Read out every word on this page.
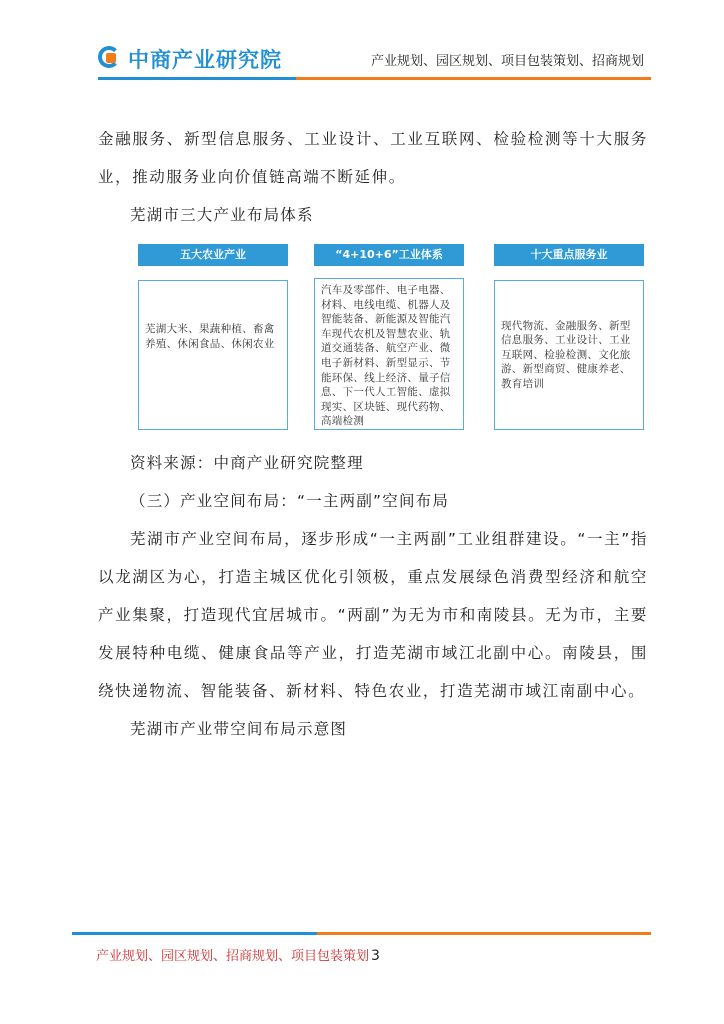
中商产业研究院	产业规划、园区规划、项目包装策划、招商规划

金融服务、新型信息服务、工业设计、工业互联网、检验检测等十大服务业，推动服务业向价值链高端不断延伸。

芜湖市三大产业布局体系
五大农业产业
芜湖大米、果蔬种植、畜禽养殖、休闲食品、休闲农业
“4+10+6”工业体系
汽车及零部件、电子电器、材料、电线电缆、机器人及智能装备、新能源及智能汽车现代农机及智慧农业、轨道交通装备、航空产业、微电子新材料、新型显示、节能环保、线上经济、量子信息、下一代人工智能、虚拟现实、区块链、现代药物、高端检测
十大重点服务业
现代物流、金融服务、新型信息服务、工业设计、工业互联网、检验检测、文化旅游、新型商贸、健康养老、教育培训
资料来源：中商产业研究院整理
（三）产业空间布局：“一主两副”空间布局

芜湖市产业空间布局，逐步形成“一主两副”工业组群建设。“一主”指以龙湖区为心，打造主城区优化引领极，重点发展绿色消费型经济和航空产业集聚，打造现代宜居城市。“两副”为无为市和南陵县。无为市，主要发展特种电缆、健康食品等产业，打造芜湖市域江北副中心。南陵县，围绕快递物流、智能装备、新材料、特色农业，打造芜湖市域江南副中心。

芜湖市产业带空间布局示意图
产业规划、园区规划、招商规划、项目包装策划 3
